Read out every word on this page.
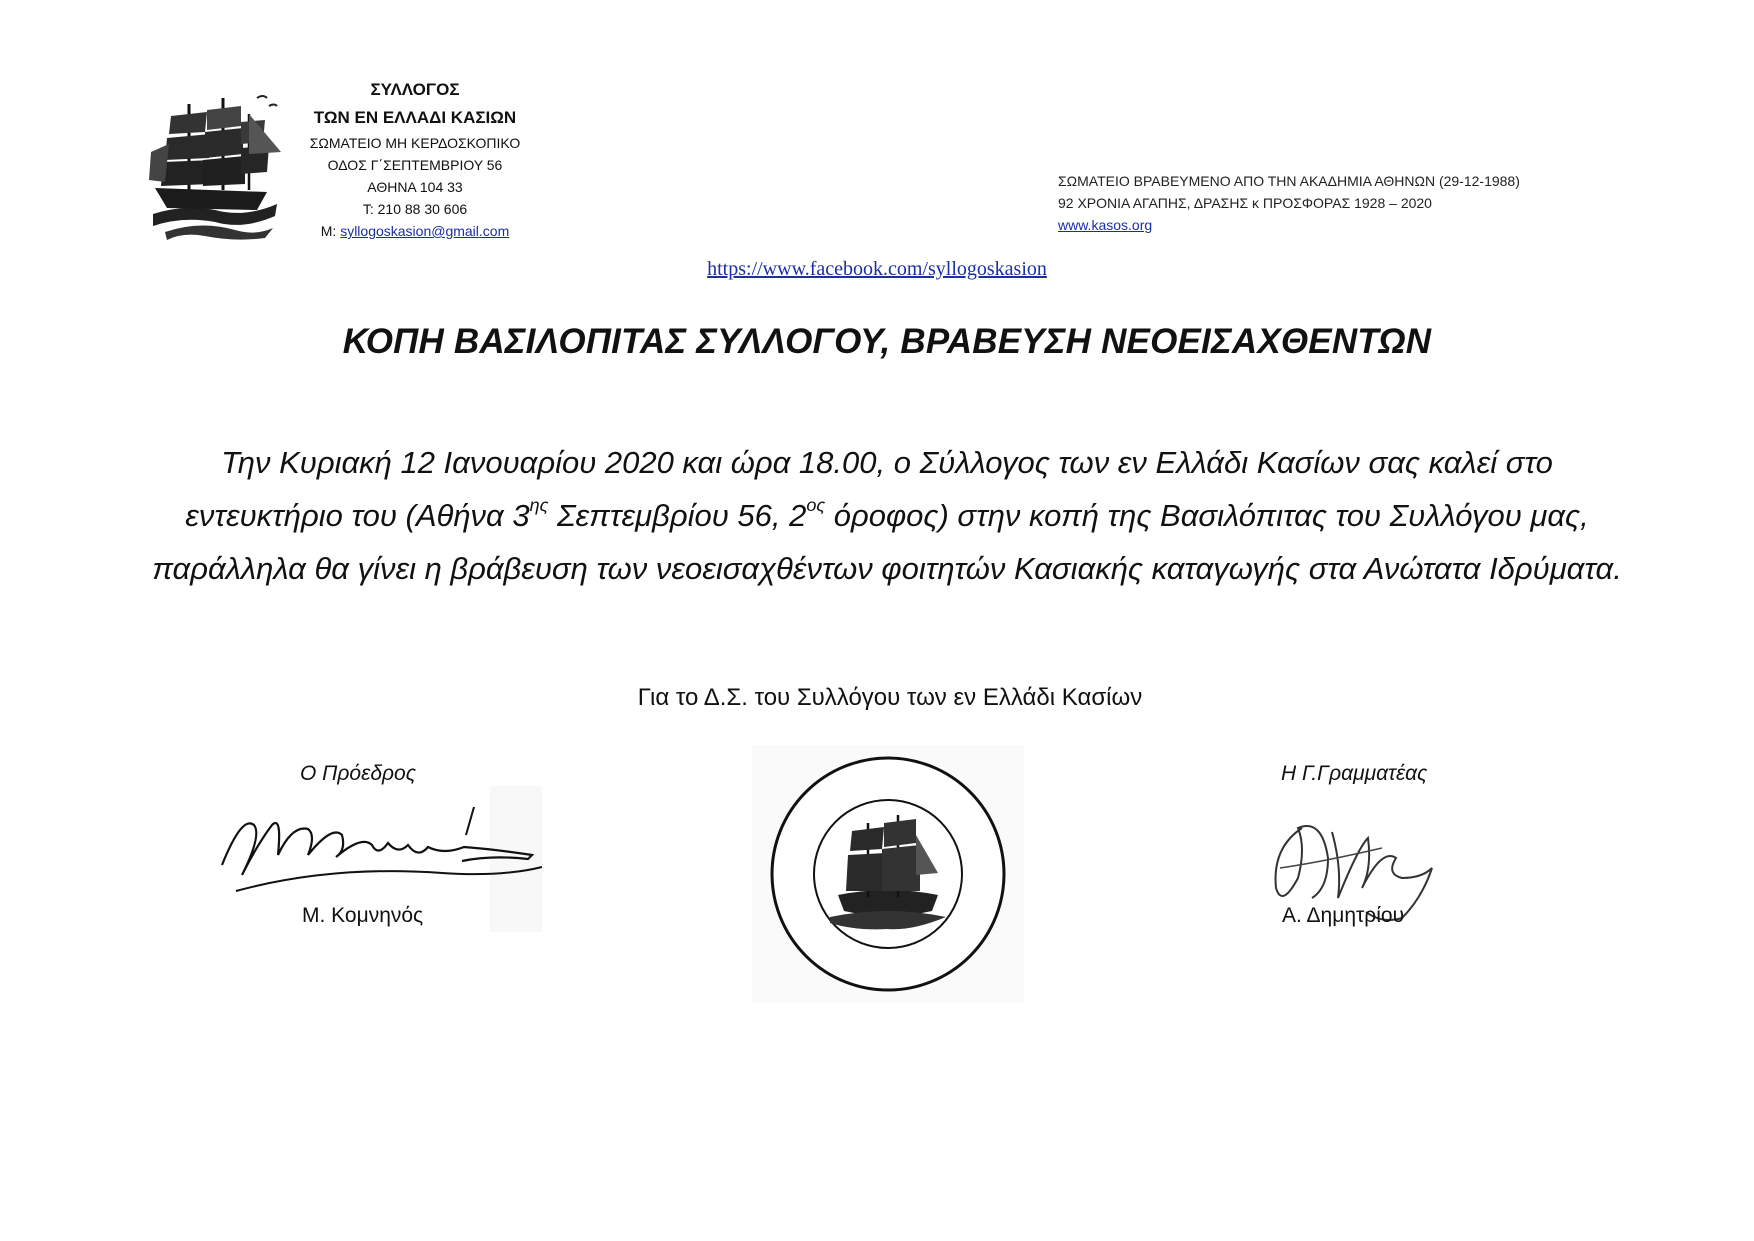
ΣΥΛΛΟΓΟΣ
ΤΩΝ ΕΝ ΕΛΛΑΔΙ ΚΑΣΙΩΝ
ΣΩΜΑΤΕΙΟ ΜΗ ΚΕΡΔΟΣΚΟΠΙΚΟ
ΟΔΟΣ Γ΄ΣΕΠΤΕΜΒΡΙΟΥ 56
ΑΘΗΝΑ 104 33
Τ: 210 88 30 606
Μ: syllogoskasion@gmail.com
ΣΩΜΑΤΕΙΟ ΒΡΑΒΕΥΜΕΝΟ ΑΠΟ ΤΗΝ ΑΚΑΔΗΜΙΑ ΑΘΗΝΩΝ (29-12-1988)
92 ΧΡΟΝΙΑ ΑΓΑΠΗΣ, ΔΡΑΣΗΣ κ ΠΡΟΣΦΟΡΑΣ 1928 – 2020
www.kasos.org
https://www.facebook.com/syllogoskasion
ΚΟΠΗ ΒΑΣΙΛΟΠΙΤΑΣ ΣΥΛΛΟΓΟΥ, ΒΡΑΒΕΥΣΗ ΝΕΟΕΙΣΑΧΘΕΝΤΩΝ
Την Κυριακή 12 Ιανουαρίου 2020 και ώρα 18.00, ο Σύλλογος των εν Ελλάδι Κασίων σας καλεί στο εντευκτήριο του (Αθήνα $3^{\eta\varsigma}$ Σεπτεμβρίου 56, $2^{o\varsigma}$ όροφος) στην κοπή της Βασιλόπιτας του Συλλόγου μας, παράλληλα θα γίνει η βράβευση των νεοεισαχθέντων φοιτητών Κασιακής καταγωγής στα Ανώτατα Ιδρύματα.
Για το Δ.Σ. του Συλλόγου των εν Ελλάδι Κασίων
Ο Πρόεδρος
Μ. Κομνηνός
Η Γ.Γραμματέας
Α. Δημητρίου
